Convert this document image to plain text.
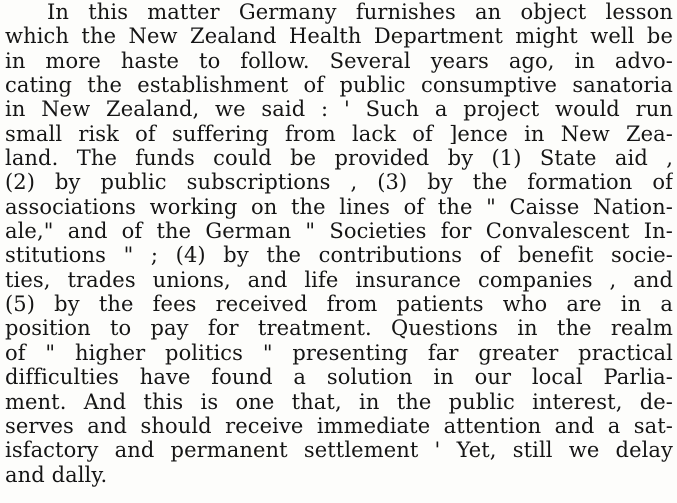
In this matter Germany furnishes an object lesson
which the New Zealand Health Department might well be
in more haste to follow. Several years ago, in advo-
cating the establishment of public consumptive sanatoria
in New Zealand, we said : ' Such a project would run
small risk of suffering from lack of ]ence in New Zea-
land. The funds could be provided by (1) State aid ,
(2) by public subscriptions , (3) by the formation of
associations working on the lines of the " Caisse Nation-
ale," and of the German " Societies for Convalescent In-
stitutions " ; (4) by the contributions of benefit socie-
ties, trades unions, and life insurance companies , and
(5) by the fees received from patients who are in a
position to pay for treatment. Questions in the realm
of " higher politics " presenting far greater practical
difficulties have found a solution in our local Parlia-
ment. And this is one that, in the public interest, de-
serves and should receive immediate attention and a sat-
isfactory and permanent settlement ' Yet, still we delay
and dally.
